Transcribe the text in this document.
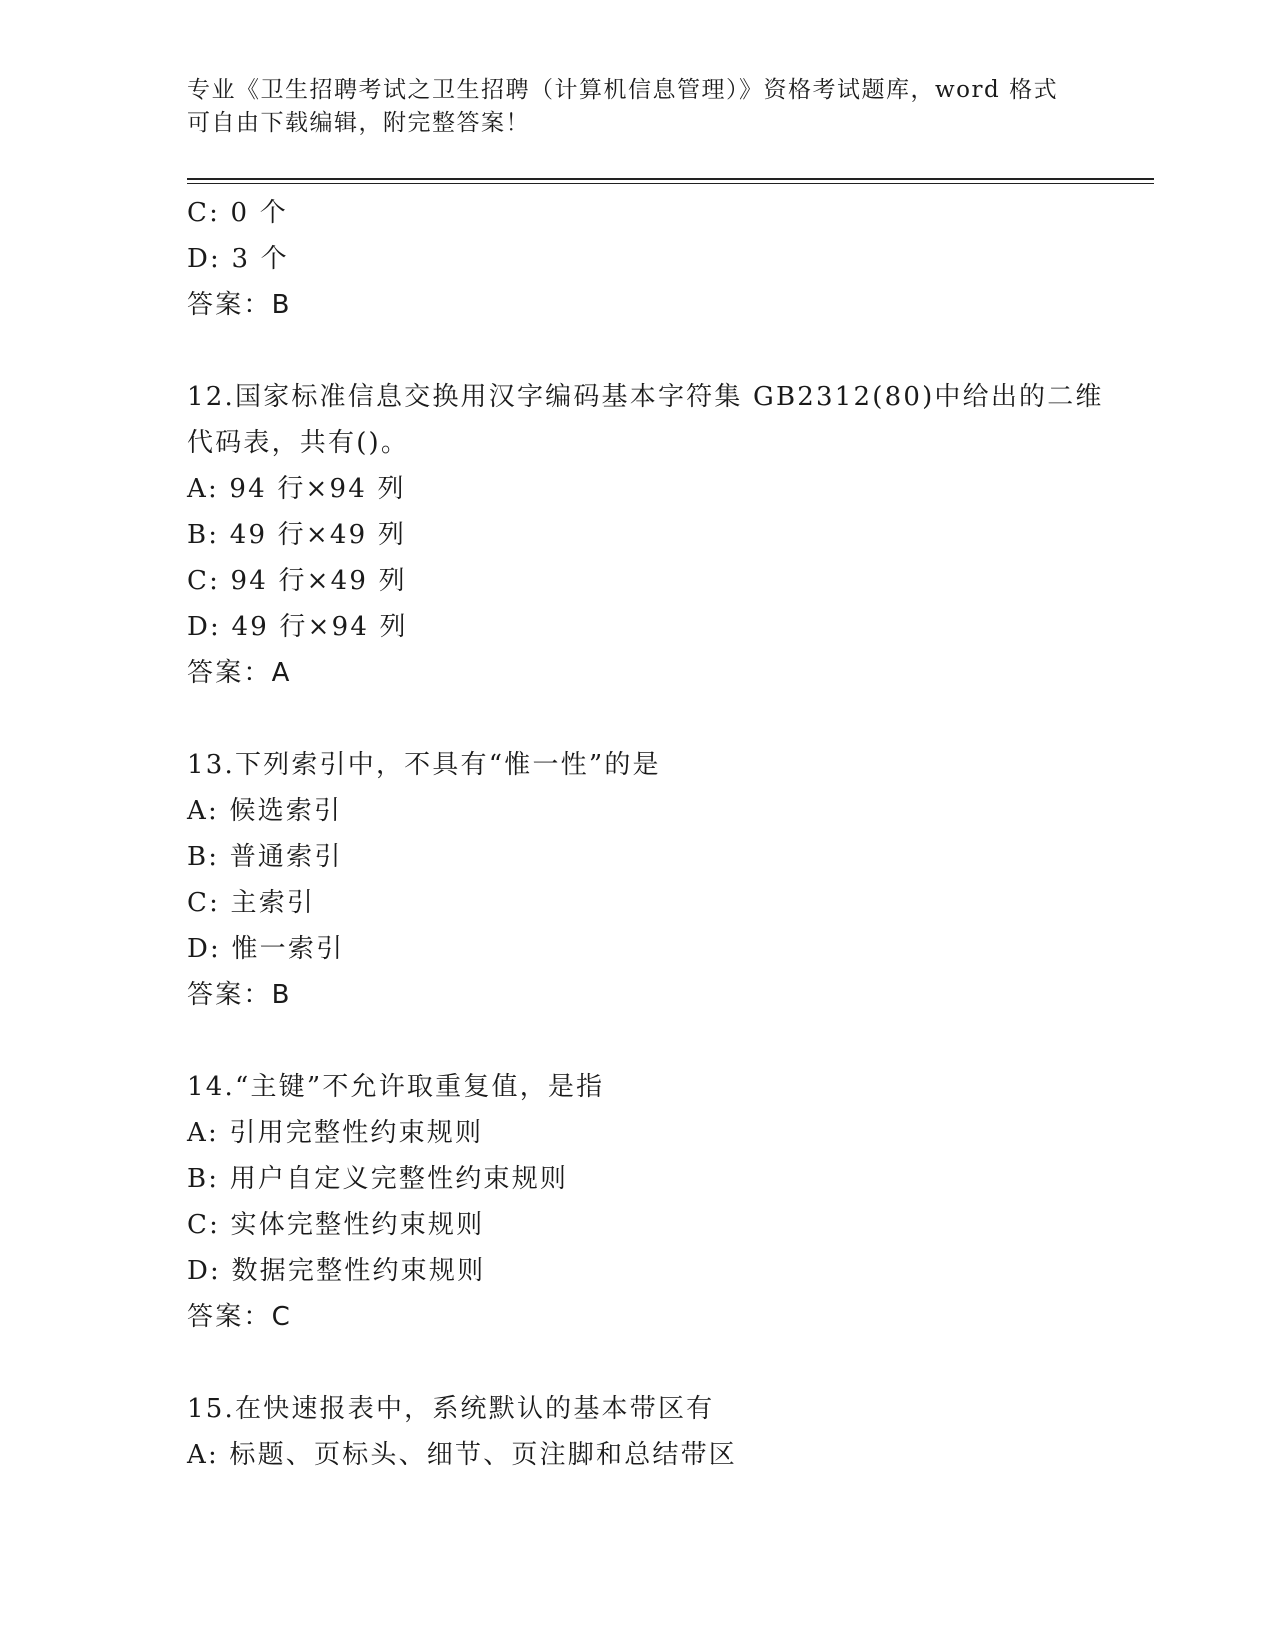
专业《卫生招聘考试之卫生招聘（计算机信息管理）》资格考试题库，word 格式
可自由下载编辑，附完整答案！
C: 0 个
D: 3 个
答案：B
12.国家标准信息交换用汉字编码基本字符集 GB2312(80)中给出的二维
代码表，共有()。
A: 94 行×94 列
B: 49 行×49 列
C: 94 行×49 列
D: 49 行×94 列
答案：A
13.下列索引中，不具有“惟一性”的是
A: 候选索引
B: 普通索引
C: 主索引
D: 惟一索引
答案：B
14.“主键”不允许取重复值，是指
A: 引用完整性约束规则
B: 用户自定义完整性约束规则
C: 实体完整性约束规则
D: 数据完整性约束规则
答案：C
15.在快速报表中，系统默认的基本带区有
A: 标题、页标头、细节、页注脚和总结带区
